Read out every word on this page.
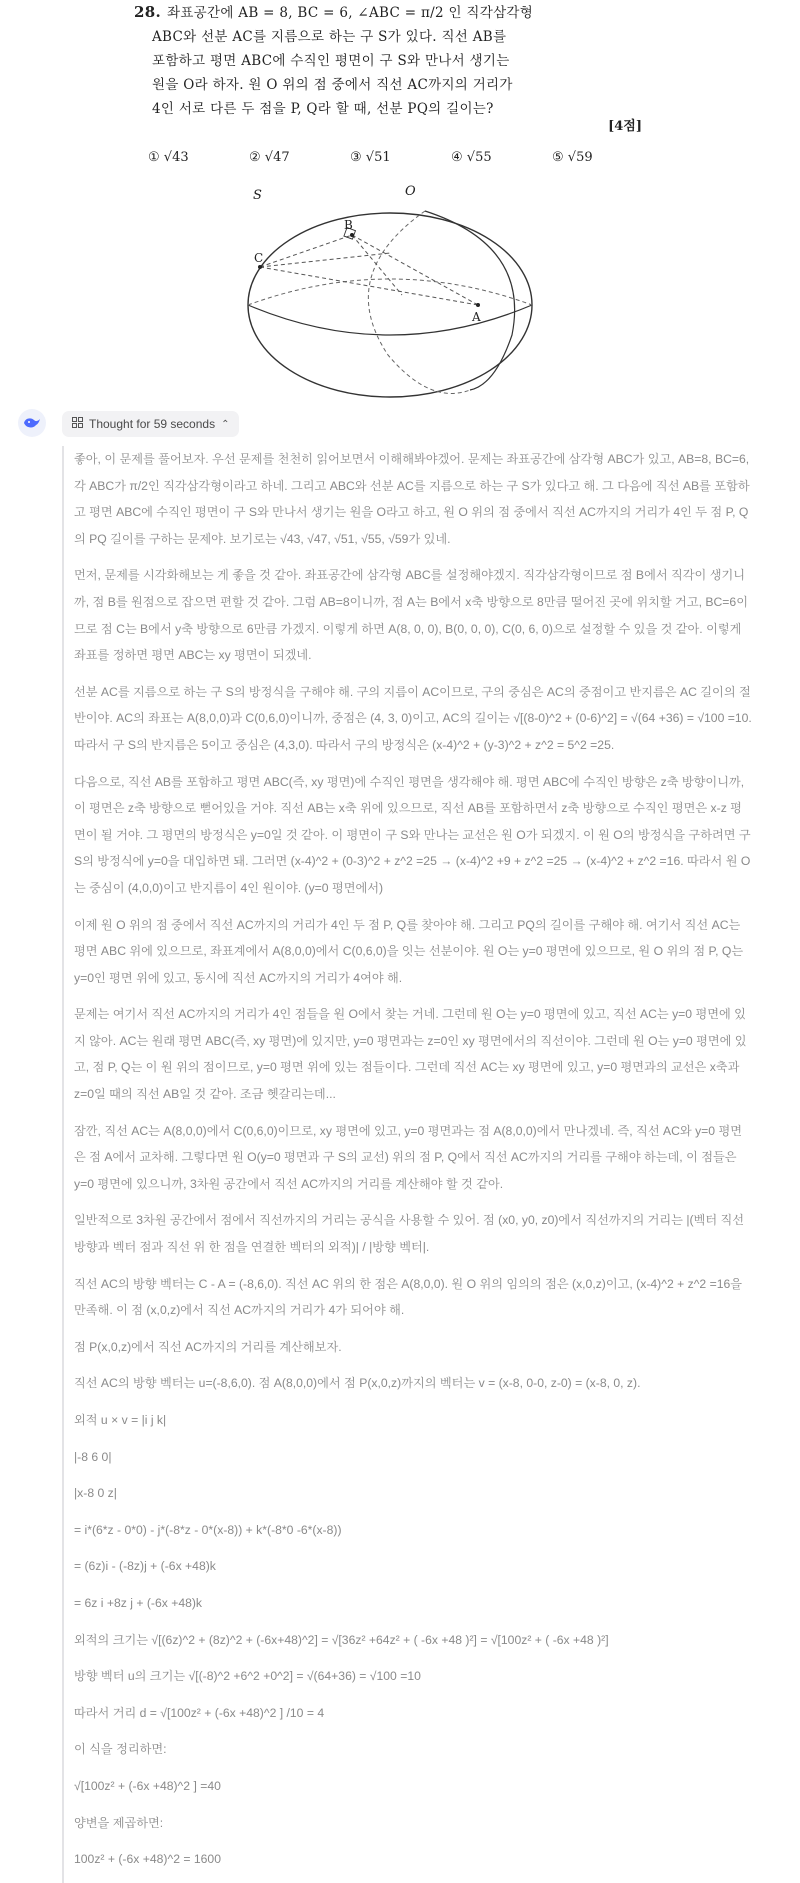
28. 좌표공간에 AB = 8, BC = 6, ∠ABC = π/2 인 직각삼각형
ABC와 선분 AC를 지름으로 하는 구 S가 있다. 직선 AB를
포함하고 평면 ABC에 수직인 평면이 구 S와 만나서 생기는
원을 O라 하자. 원 O 위의 점 중에서 직선 AC까지의 거리가
4인 서로 다른 두 점을 P, Q라 할 때, 선분 PQ의 길이는?
[4점]
① √43	② √47	③ √51	④ √55	⑤ √59
S	O
B
C
A
Thought for 59 seconds ⌃

좋아, 이 문제를 풀어보자. 우선 문제를 천천히 읽어보면서 이해해봐야겠어. 문제는 좌표공간에 삼각형 ABC가 있고, AB=8, BC=6, 각 ABC가 π/2인 직각삼각형이라고 하네. 그리고 ABC와 선분 AC를 지름으로 하는 구 S가 있다고 해. 그 다음에 직선 AB를 포함하고 평면 ABC에 수직인 평면이 구 S와 만나서 생기는 원을 O라고 하고, 원 O 위의 점 중에서 직선 AC까지의 거리가 4인 두 점 P, Q의 PQ 길이를 구하는 문제야. 보기로는 √43, √47, √51, √55, √59가 있네.

먼저, 문제를 시각화해보는 게 좋을 것 같아. 좌표공간에 삼각형 ABC를 설정해야겠지. 직각삼각형이므로 점 B에서 직각이 생기니까, 점 B를 원점으로 잡으면 편할 것 같아. 그럼 AB=8이니까, 점 A는 B에서 x축 방향으로 8만큼 떨어진 곳에 위치할 거고, BC=6이므로 점 C는 B에서 y축 방향으로 6만큼 가겠지. 이렇게 하면 A(8, 0, 0), B(0, 0, 0), C(0, 6, 0)으로 설정할 수 있을 것 같아. 이렇게 좌표를 정하면 평면 ABC는 xy 평면이 되겠네.

선분 AC를 지름으로 하는 구 S의 방정식을 구해야 해. 구의 지름이 AC이므로, 구의 중심은 AC의 중점이고 반지름은 AC 길이의 절반이야. AC의 좌표는 A(8,0,0)과 C(0,6,0)이니까, 중점은 (4, 3, 0)이고, AC의 길이는 √[(8-0)^2 + (0-6)^2] = √(64 +36) = √100 =10. 따라서 구 S의 반지름은 5이고 중심은 (4,3,0). 따라서 구의 방정식은 (x-4)^2 + (y-3)^2 + z^2 = 5^2 =25.

다음으로, 직선 AB를 포함하고 평면 ABC(즉, xy 평면)에 수직인 평면을 생각해야 해. 평면 ABC에 수직인 방향은 z축 방향이니까, 이 평면은 z축 방향으로 뻗어있을 거야. 직선 AB는 x축 위에 있으므로, 직선 AB를 포함하면서 z축 방향으로 수직인 평면은 x-z 평면이 될 거야. 그 평면의 방정식은 y=0일 것 같아. 이 평면이 구 S와 만나는 교선은 원 O가 되겠지. 이 원 O의 방정식을 구하려면 구 S의 방정식에 y=0을 대입하면 돼. 그러면 (x-4)^2 + (0-3)^2 + z^2 =25 → (x-4)^2 +9 + z^2 =25 → (x-4)^2 + z^2 =16. 따라서 원 O는 중심이 (4,0,0)이고 반지름이 4인 원이야. (y=0 평면에서)

이제 원 O 위의 점 중에서 직선 AC까지의 거리가 4인 두 점 P, Q를 찾아야 해. 그리고 PQ의 길이를 구해야 해. 여기서 직선 AC는 평면 ABC 위에 있으므로, 좌표계에서 A(8,0,0)에서 C(0,6,0)을 잇는 선분이야. 원 O는 y=0 평면에 있으므로, 원 O 위의 점 P, Q는 y=0인 평면 위에 있고, 동시에 직선 AC까지의 거리가 4여야 해.

문제는 여기서 직선 AC까지의 거리가 4인 점들을 원 O에서 찾는 거네. 그런데 원 O는 y=0 평면에 있고, 직선 AC는 y=0 평면에 있지 않아. AC는 원래 평면 ABC(즉, xy 평면)에 있지만, y=0 평면과는 z=0인 xy 평면에서의 직선이야. 그런데 원 O는 y=0 평면에 있고, 점 P, Q는 이 원 위의 점이므로, y=0 평면 위에 있는 점들이다. 그런데 직선 AC는 xy 평면에 있고, y=0 평면과의 교선은 x축과 z=0일 때의 직선 AB일 것 같아. 조금 헷갈리는데...

잠깐, 직선 AC는 A(8,0,0)에서 C(0,6,0)이므로, xy 평면에 있고, y=0 평면과는 점 A(8,0,0)에서 만나겠네. 즉, 직선 AC와 y=0 평면은 점 A에서 교차해. 그렇다면 원 O(y=0 평면과 구 S의 교선) 위의 점 P, Q에서 직선 AC까지의 거리를 구해야 하는데, 이 점들은 y=0 평면에 있으니까, 3차원 공간에서 직선 AC까지의 거리를 계산해야 할 것 같아.

일반적으로 3차원 공간에서 점에서 직선까지의 거리는 공식을 사용할 수 있어. 점 (x0, y0, z0)에서 직선까지의 거리는 |(벡터 직선 방향과 벡터 점과 직선 위 한 점을 연결한 벡터의 외적)| / |방향 벡터|.

직선 AC의 방향 벡터는 C - A = (-8,6,0). 직선 AC 위의 한 점은 A(8,0,0). 원 O 위의 임의의 점은 (x,0,z)이고, (x-4)^2 + z^2 =16을 만족해. 이 점 (x,0,z)에서 직선 AC까지의 거리가 4가 되어야 해.

점 P(x,0,z)에서 직선 AC까지의 거리를 계산해보자.

직선 AC의 방향 벡터는 u=(-8,6,0). 점 A(8,0,0)에서 점 P(x,0,z)까지의 벡터는 v = (x-8, 0-0, z-0) = (x-8, 0, z).

외적 u × v = |i j k|

|-8 6 0|

|x-8 0 z|

= i*(6*z - 0*0) - j*(-8*z - 0*(x-8)) + k*(-8*0 -6*(x-8))

= (6z)i - (-8z)j + (-6x +48)k

= 6z i +8z j + (-6x +48)k

외적의 크기는 √[(6z)^2 + (8z)^2 + (-6x+48)^2] = √[36z² +64z² + ( -6x +48 )²] = √[100z² + ( -6x +48 )²]

방향 벡터 u의 크기는 √[(-8)^2 +6^2 +0^2] = √(64+36) = √100 =10

따라서 거리 d = √[100z² + (-6x +48)^2 ] /10 = 4

이 식을 정리하면:

√[100z² + (-6x +48)^2 ] =40

양변을 제곱하면:

100z² + (-6x +48)^2 = 1600
